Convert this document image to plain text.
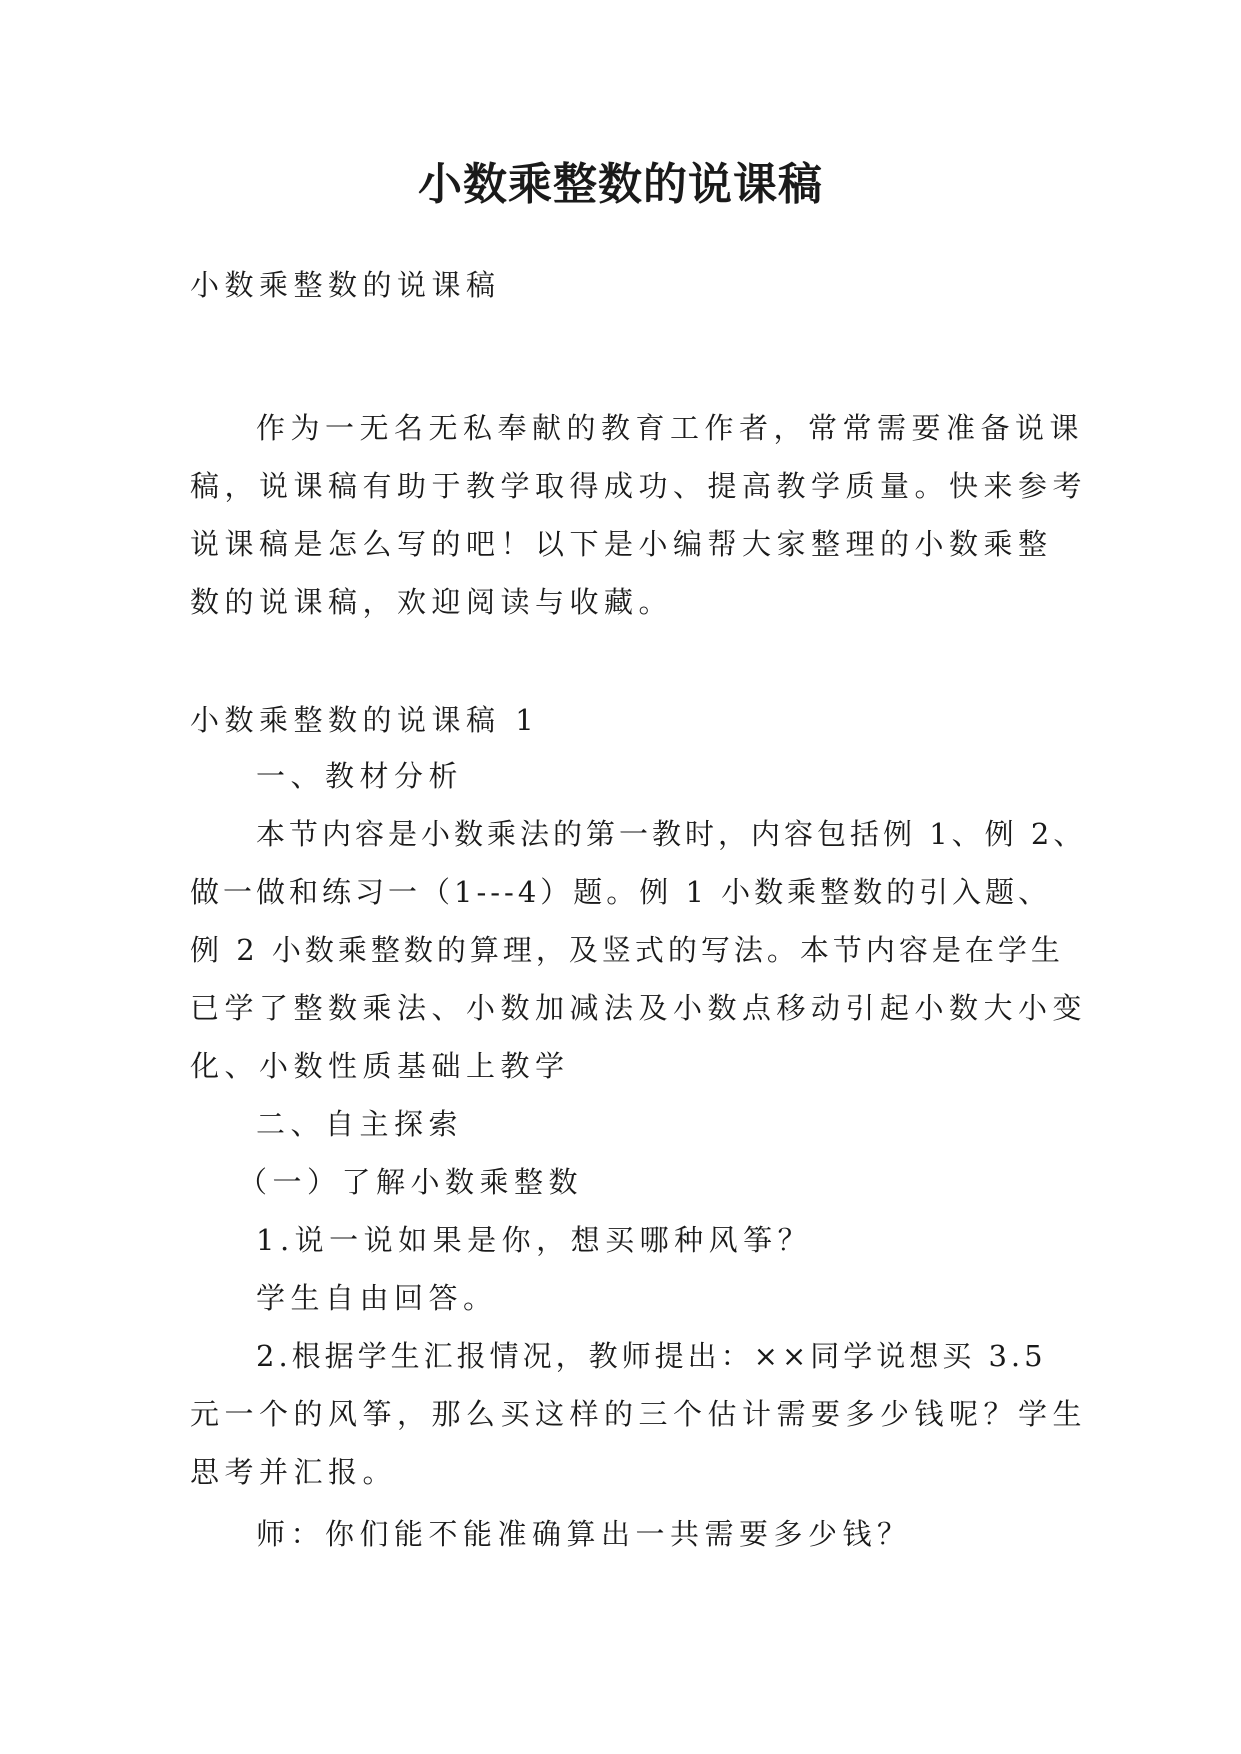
小数乘整数的说课稿

小数乘整数的说课稿

作为一无名无私奉献的教育工作者，常常需要准备说课

稿，说课稿有助于教学取得成功、提高教学质量。快来参考

说课稿是怎么写的吧！以下是小编帮大家整理的小数乘整

数的说课稿，欢迎阅读与收藏。

小数乘整数的说课稿 1

一、教材分析

本节内容是小数乘法的第一教时，内容包括例 1、例 2、

做一做和练习一（1---4）题。例 1 小数乘整数的引入题、

例 2 小数乘整数的算理，及竖式的写法。本节内容是在学生

已学了整数乘法、小数加减法及小数点移动引起小数大小变

化、小数性质基础上教学

二、自主探索

（一）了解小数乘整数

1.说一说如果是你，想买哪种风筝？

学生自由回答。

2.根据学生汇报情况，教师提出：××同学说想买 3.5

元一个的风筝，那么买这样的三个估计需要多少钱呢？学生

思考并汇报。

师：你们能不能准确算出一共需要多少钱？
